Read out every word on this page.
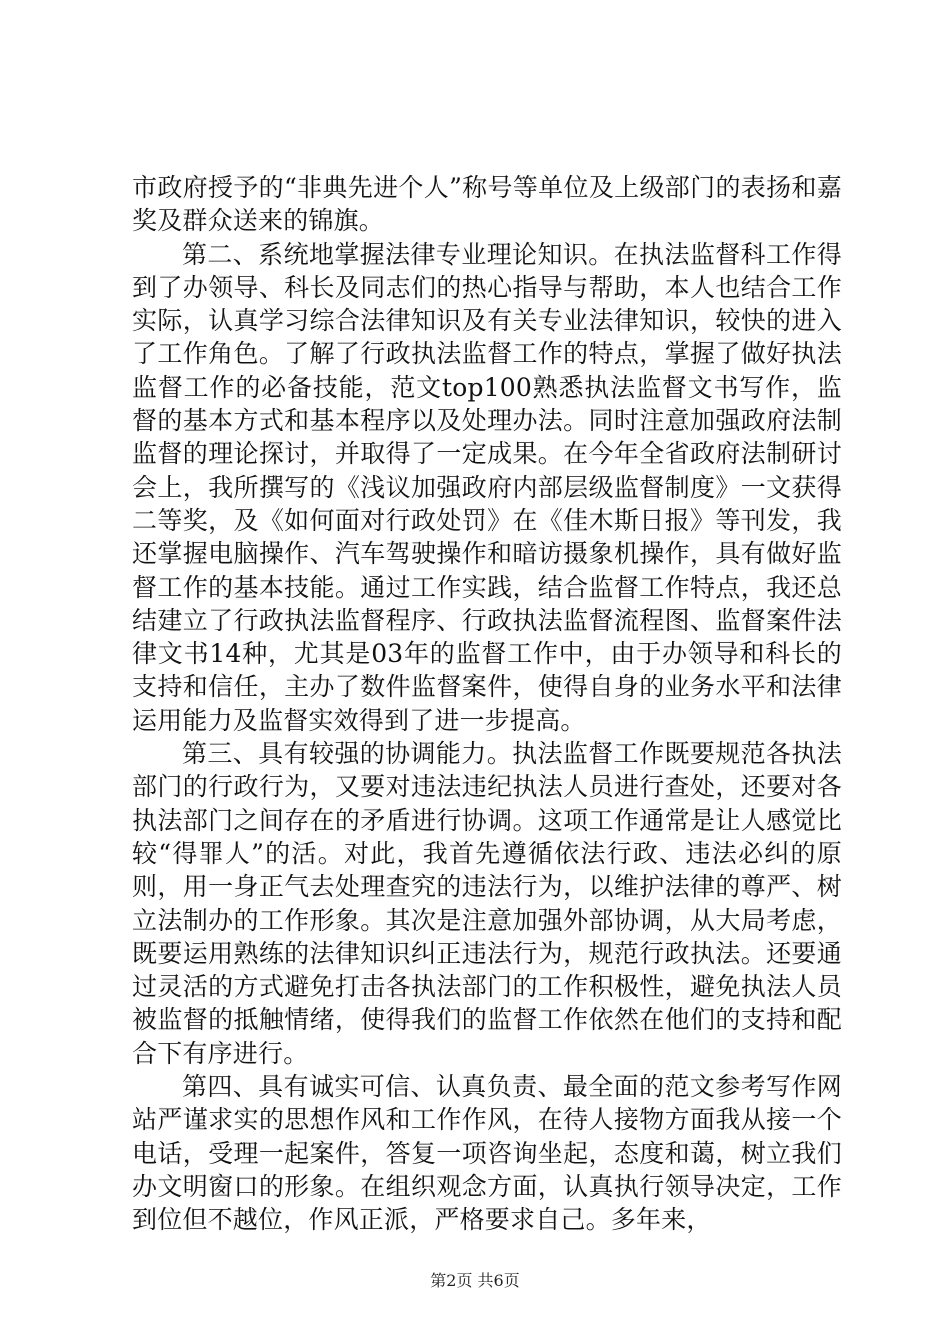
市政府授予的“非典先进个人”称号等单位及上级部门的表扬和嘉奖及群众送来的锦旗。

第二、系统地掌握法律专业理论知识。在执法监督科工作得到了办领导、科长及同志们的热心指导与帮助，本人也结合工作实际，认真学习综合法律知识及有关专业法律知识，较快的进入了工作角色。了解了行政执法监督工作的特点，掌握了做好执法监督工作的必备技能，范文top100熟悉执法监督文书写作，监督的基本方式和基本程序以及处理办法。同时注意加强政府法制监督的理论探讨，并取得了一定成果。在今年全省政府法制研讨会上，我所撰写的《浅议加强政府内部层级监督制度》一文获得二等奖，及《如何面对行政处罚》在《佳木斯日报》等刊发，我还掌握电脑操作、汽车驾驶操作和暗访摄象机操作，具有做好监督工作的基本技能。通过工作实践，结合监督工作特点，我还总结建立了行政执法监督程序、行政执法监督流程图、监督案件法律文书14种，尤其是03年的监督工作中，由于办领导和科长的支持和信任，主办了数件监督案件，使得自身的业务水平和法律运用能力及监督实效得到了进一步提高。

第三、具有较强的协调能力。执法监督工作既要规范各执法部门的行政行为，又要对违法违纪执法人员进行查处，还要对各执法部门之间存在的矛盾进行协调。这项工作通常是让人感觉比较“得罪人”的活。对此，我首先遵循依法行政、违法必纠的原则，用一身正气去处理查究的违法行为，以维护法律的尊严、树立法制办的工作形象。其次是注意加强外部协调，从大局考虑，既要运用熟练的法律知识纠正违法行为，规范行政执法。还要通过灵活的方式避免打击各执法部门的工作积极性，避免执法人员被监督的抵触情绪，使得我们的监督工作依然在他们的支持和配合下有序进行。

第四、具有诚实可信、认真负责、最全面的范文参考写作网站严谨求实的思想作风和工作作风，在待人接物方面我从接一个电话，受理一起案件，答复一项咨询坐起，态度和蔼，树立我们办文明窗口的形象。在组织观念方面，认真执行领导决定，工作到位但不越位，作风正派，严格要求自己。多年来，

第2页 共6页
